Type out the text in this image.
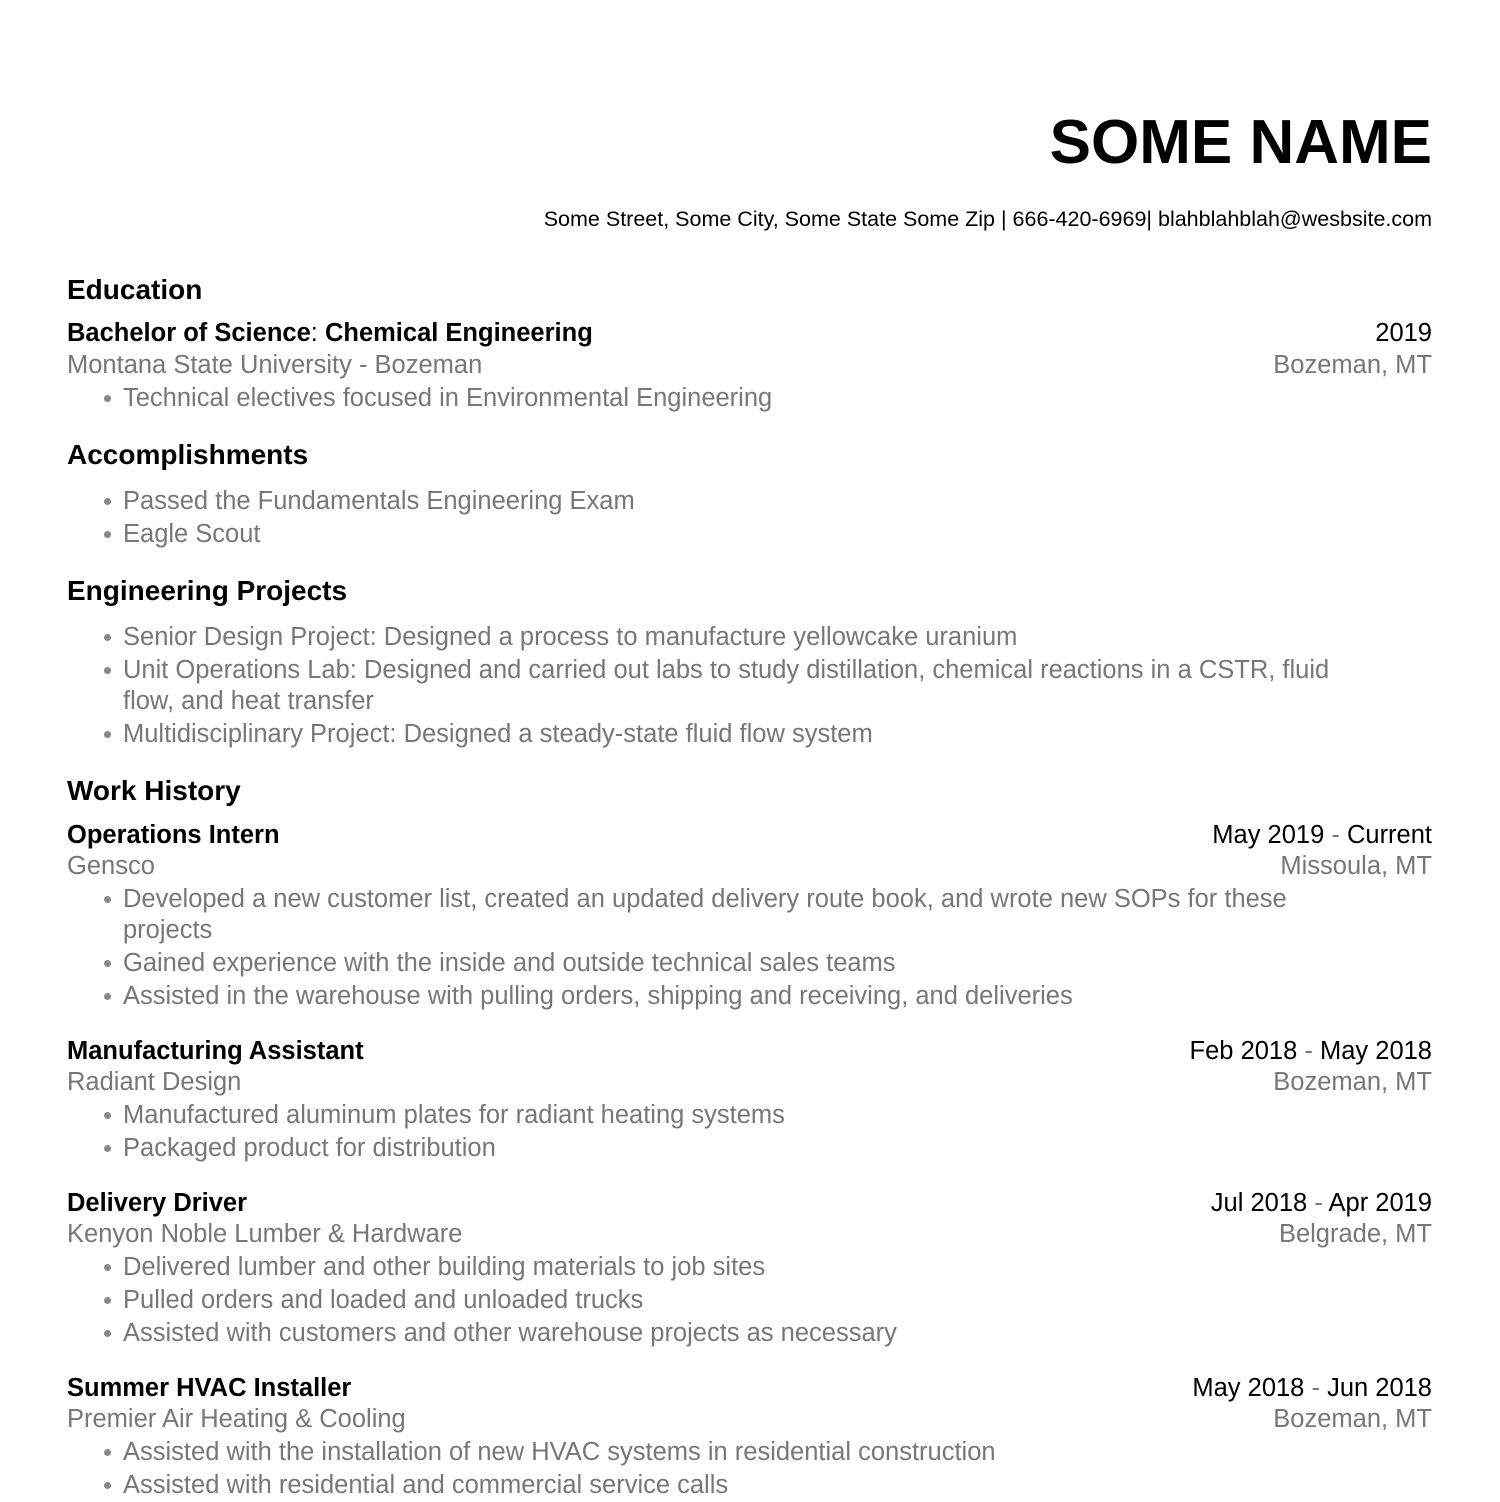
SOME NAME
Some Street, Some City, Some State Some Zip | 666-420-6969| blahblahblah@wesbsite.com
Education
Bachelor of Science: Chemical Engineering	2019
Montana State University - Bozeman	Bozeman, MT
Technical electives focused in Environmental Engineering
Accomplishments
Passed the Fundamentals Engineering Exam
Eagle Scout
Engineering Projects
Senior Design Project: Designed a process to manufacture yellowcake uranium
Unit Operations Lab: Designed and carried out labs to study distillation, chemical reactions in a CSTR, fluid
flow, and heat transfer
Multidisciplinary Project: Designed a steady-state fluid flow system
Work History
Operations Intern	May 2019 - Current
Gensco	Missoula, MT
Developed a new customer list, created an updated delivery route book, and wrote new SOPs for these
projects
Gained experience with the inside and outside technical sales teams
Assisted in the warehouse with pulling orders, shipping and receiving, and deliveries
Manufacturing Assistant	Feb 2018 - May 2018
Radiant Design	Bozeman, MT
Manufactured aluminum plates for radiant heating systems
Packaged product for distribution
Delivery Driver	Jul 2018 - Apr 2019
Kenyon Noble Lumber & Hardware	Belgrade, MT
Delivered lumber and other building materials to job sites
Pulled orders and loaded and unloaded trucks
Assisted with customers and other warehouse projects as necessary
Summer HVAC Installer	May 2018 - Jun 2018
Premier Air Heating & Cooling	Bozeman, MT
Assisted with the installation of new HVAC systems in residential construction
Assisted with residential and commercial service calls
